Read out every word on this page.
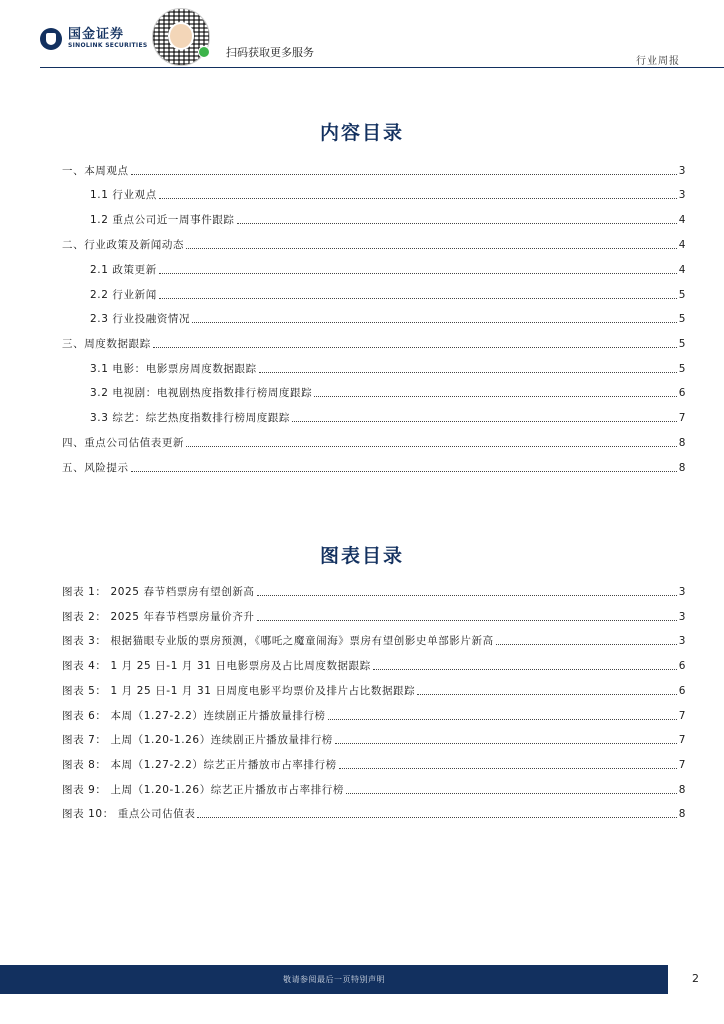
国金证券
SINOLINK SECURITIES
扫码获取更多服务
行业周报
内容目录
一、本周观点	3
1.1 行业观点	3
1.2 重点公司近一周事件跟踪	4
二、行业政策及新闻动态	4
2.1 政策更新	4
2.2 行业新闻	5
2.3 行业投融资情况	5
三、周度数据跟踪	5
3.1 电影：电影票房周度数据跟踪	5
3.2 电视剧：电视剧热度指数排行榜周度跟踪	6
3.3 综艺：综艺热度指数排行榜周度跟踪	7
四、重点公司估值表更新	8
五、风险提示	8
图表目录
图表 1： 2025 春节档票房有望创新高	3
图表 2： 2025 年春节档票房量价齐升	3
图表 3： 根据猫眼专业版的票房预测，《哪吒之魔童闹海》票房有望创影史单部影片新高	3
图表 4： 1 月 25 日-1 月 31 日电影票房及占比周度数据跟踪	6
图表 5： 1 月 25 日-1 月 31 日周度电影平均票价及排片占比数据跟踪	6
图表 6： 本周（1.27-2.2）连续剧正片播放量排行榜	7
图表 7： 上周（1.20-1.26）连续剧正片播放量排行榜	7
图表 8： 本周（1.27-2.2）综艺正片播放市占率排行榜	7
图表 9： 上周（1.20-1.26）综艺正片播放市占率排行榜	8
图表 10： 重点公司估值表	8
敬请参阅最后一页特别声明	2
